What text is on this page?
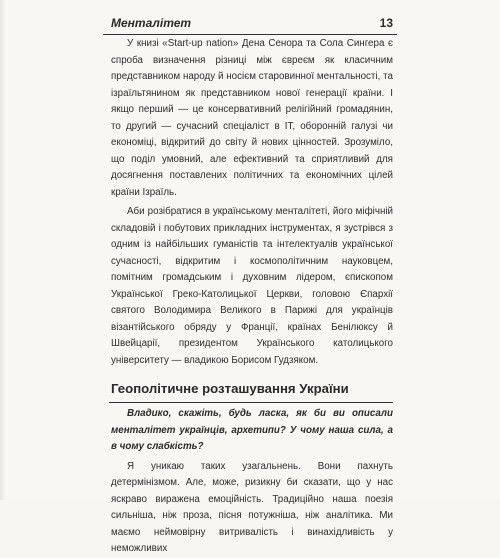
Менталітет	13

У книзі «Start-up nation» Дена Сенора та Сола Сингера є спроба визначення різниці між євреєм як класичним представником народу й носієм старовинної ментальності, та ізраїльтянином як представником нової генерації країни. І якщо перший — це консервативний релігійний громадянин, то другий — сучасний спеціаліст в ІТ, оборонній галузі чи економіці, відкритий до світу й нових цінностей. Зрозуміло, що поділ умовний, але ефективний та сприятливий для досягнення поставлених політичних та економічних цілей країни Ізраїль.

Аби розібратися в українському менталітеті, його міфічній складовій і побутових прикладних інструментах, я зустрівся з одним із найбільших гуманістів та інтелектуалів української сучасності, відкритим і космополітичним науковцем, помітним громадським і духовним лідером, єпископом Української Греко-Католицької Церкви, головою Єпархії святого Володимира Великого в Парижі для українців візантійського обряду у Франції, країнах Бенілюксу й Швейцарії, президентом Українського католицького університету — владикою Борисом Гудзяком.

Геополітичне розташування України

Владико, скажіть, будь ласка, як би ви описали менталітет українців, архетипи? У чому наша сила, а в чому слабкість?

Я уникаю таких узагальнень. Вони пахнуть детермінізмом. Але, може, ризикну би сказати, що у нас яскраво виражена емоційність. Традиційно наша поезія сильніша, ніж проза, пісня потужніша, ніж аналітика. Ми маємо неймовірну витривалість і винахідливість у неможливих
